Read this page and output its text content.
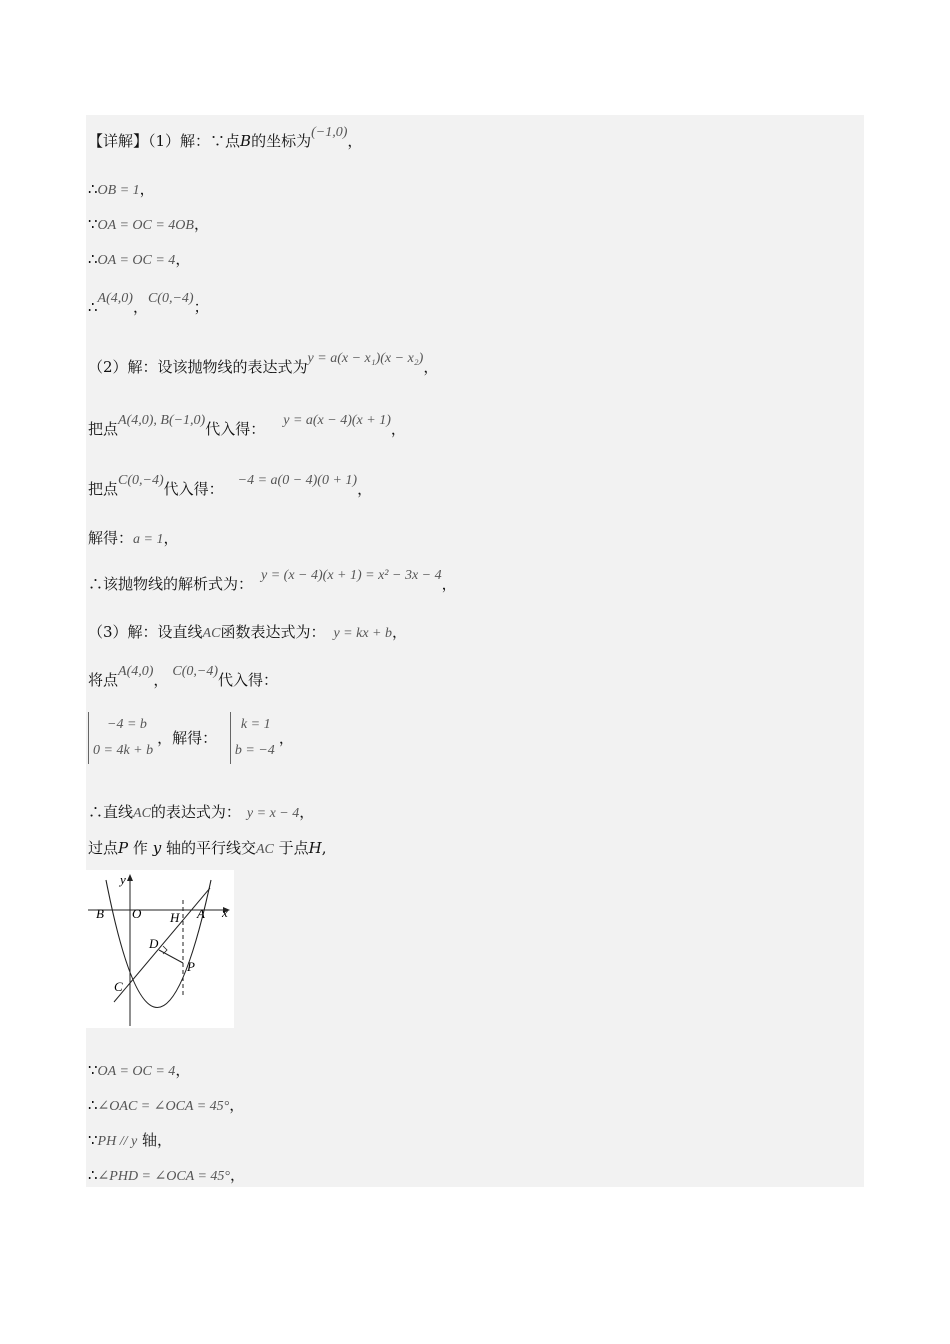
【详解】（1）解：∵点B的坐标为(−1,0)，
∴OB = 1，
∵OA = OC = 4OB，
∴OA = OC = 4，
∴A(4,0)，C(0,−4)；
（2）解：设该抛物线的表达式为y = a(x − x₁)(x − x₂)，
把点A(4,0), B(−1,0)代入得： y = a(x − 4)(x + 1)，
把点C(0,−4)代入得： −4 = a(0 − 4)(0 + 1)，
解得：a = 1，
∴该抛物线的解析式为： y = (x − 4)(x + 1) = x² − 3x − 4，
（3）解：设直线AC函数表达式为： y = kx + b，
将点A(4,0)， C(0,−4)代入得：
−4 = b
0 = 4k + b
，解得：
k = 1
b = −4
，
∴直线AC的表达式为： y = x − 4，
过点P 作 y 轴的平行线交AC 于点H,
y
x
B O H A
D
P
C
∵OA = OC = 4，
∴∠OAC = ∠OCA = 45°，
∵PH // y 轴，
∴∠PHD = ∠OCA = 45°，
